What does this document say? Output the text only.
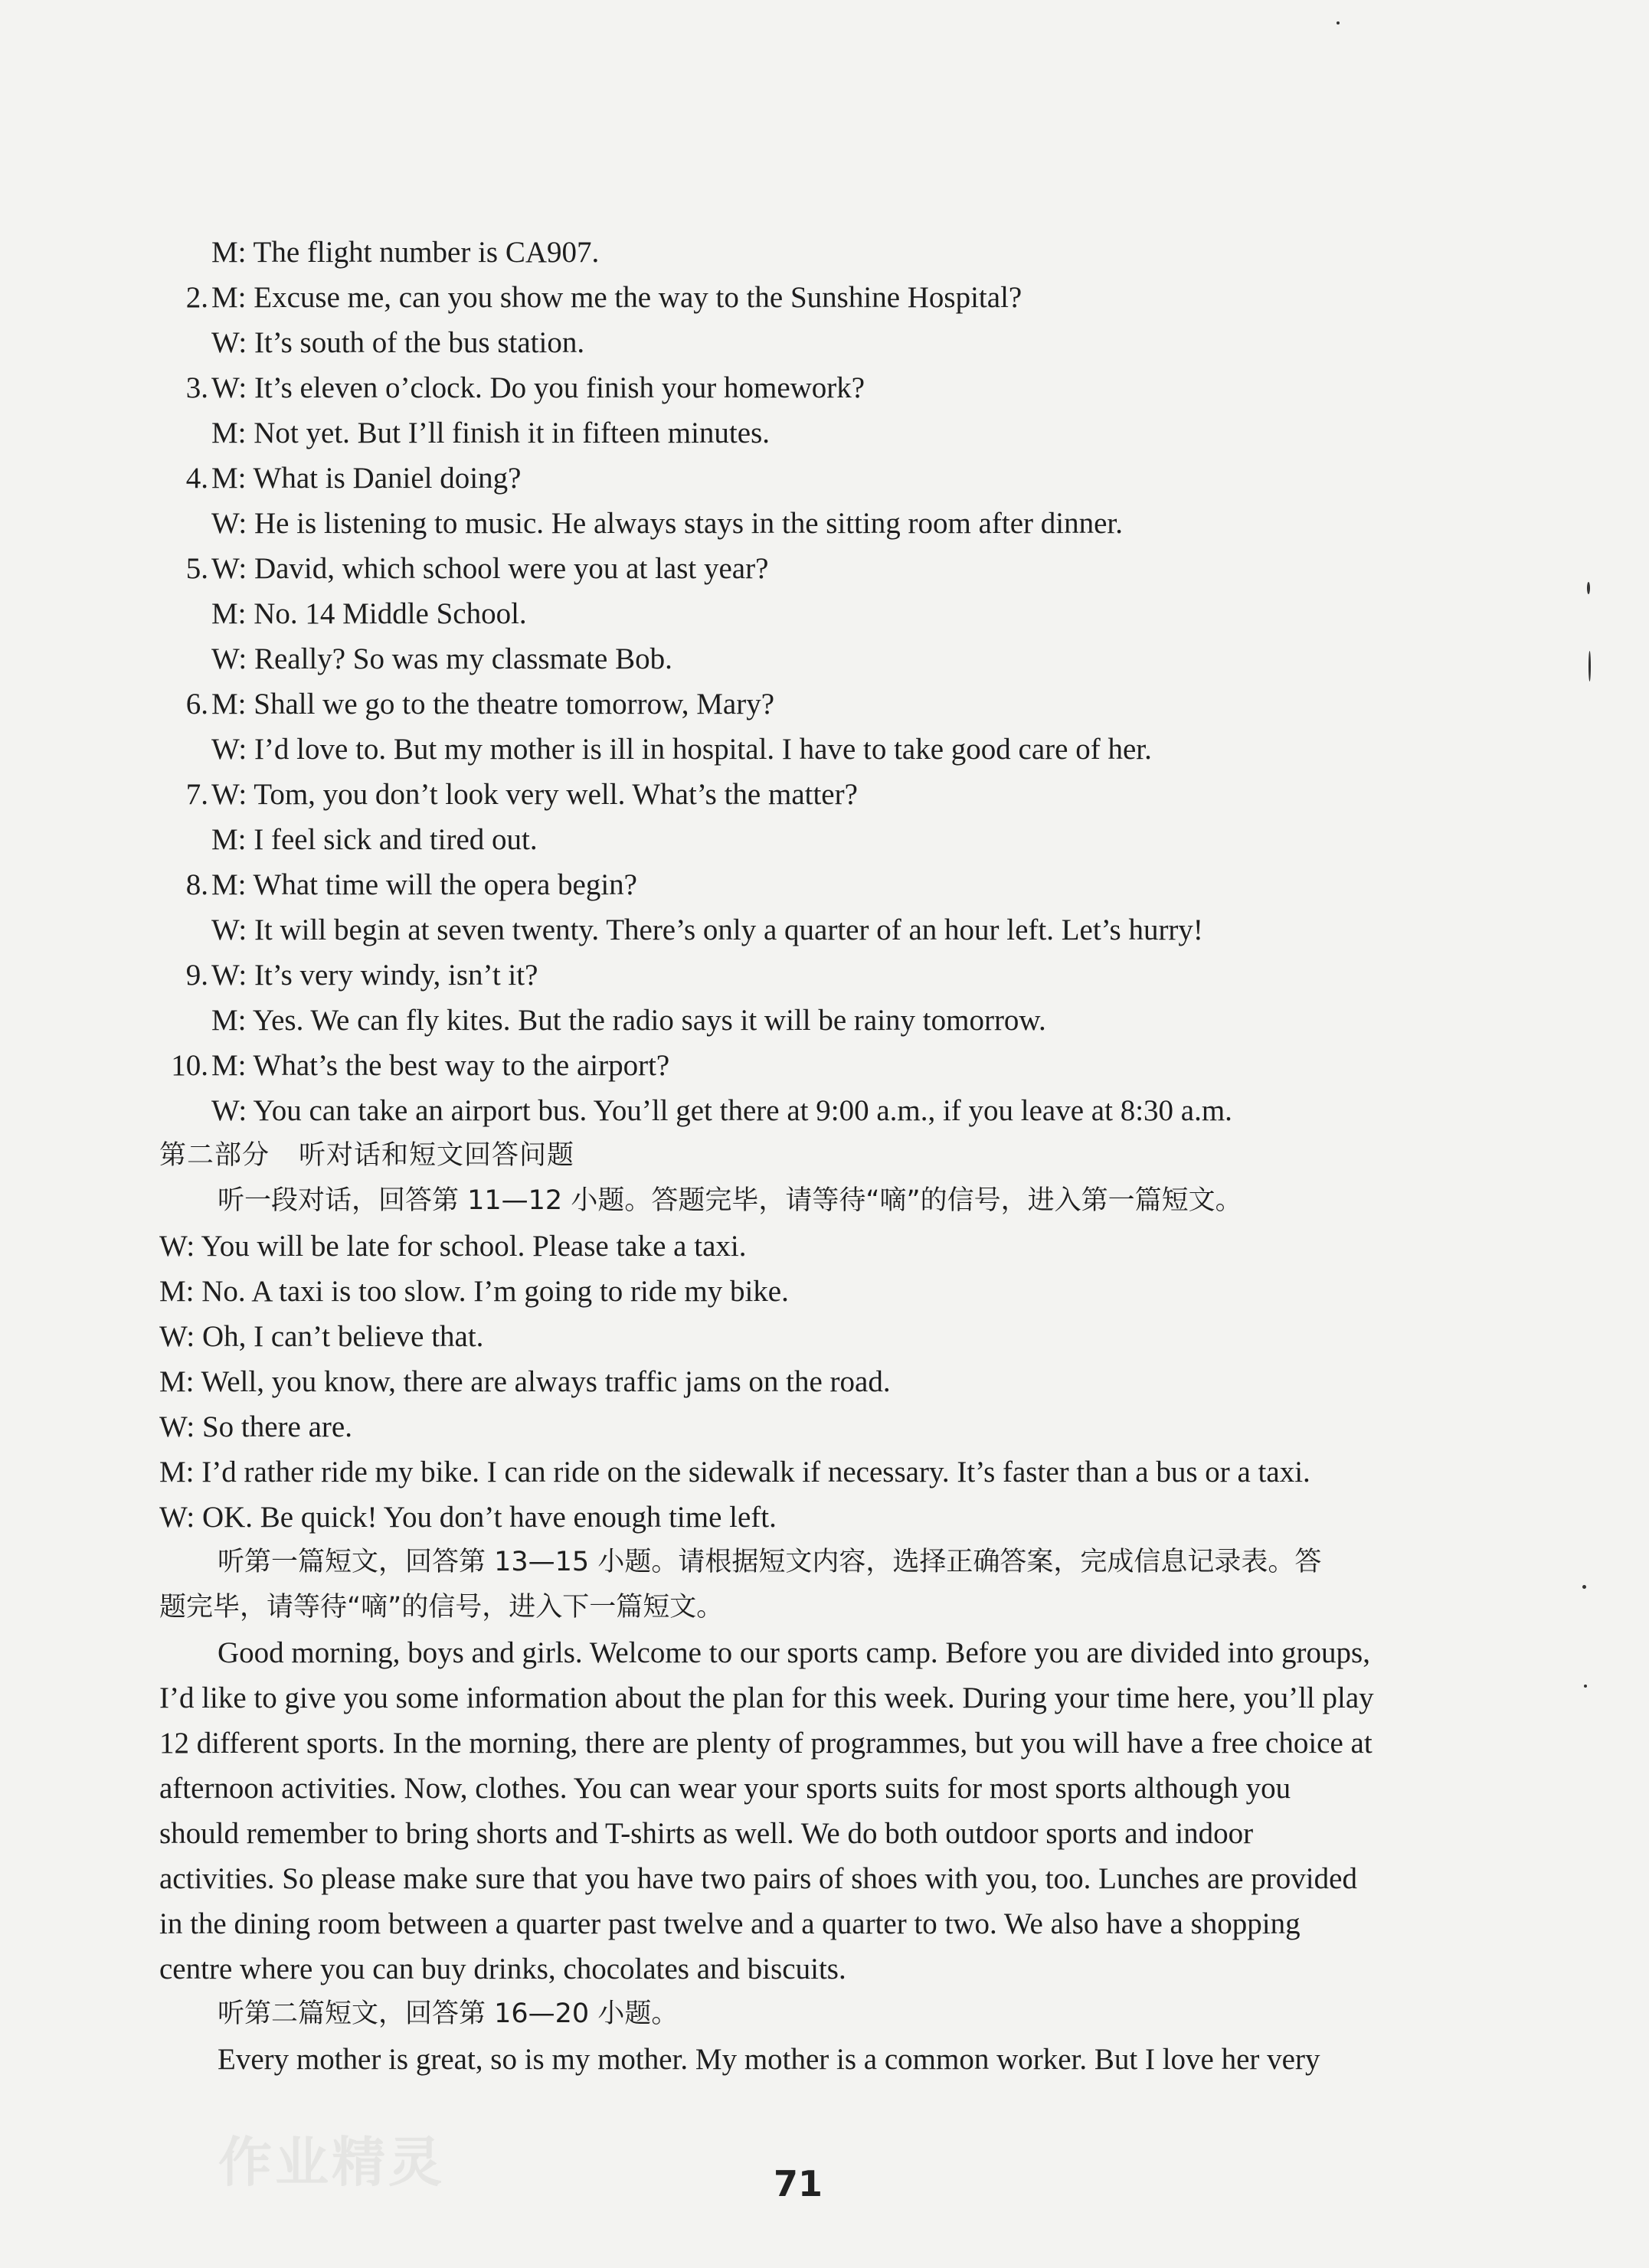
M: The flight number is CA907.
2. M: Excuse me, can you show me the way to the Sunshine Hospital?
W: It’s south of the bus station.
3. W: It’s eleven o’clock. Do you finish your homework?
M: Not yet. But I’ll finish it in fifteen minutes.
4. M: What is Daniel doing?
W: He is listening to music. He always stays in the sitting room after dinner.
5. W: David, which school were you at last year?
M: No. 14 Middle School.
W: Really? So was my classmate Bob.
6. M: Shall we go to the theatre tomorrow, Mary?
W: I’d love to. But my mother is ill in hospital. I have to take good care of her.
7. W: Tom, you don’t look very well. What’s the matter?
M: I feel sick and tired out.
8. M: What time will the opera begin?
W: It will begin at seven twenty. There’s only a quarter of an hour left. Let’s hurry!
9. W: It’s very windy, isn’t it?
M: Yes. We can fly kites. But the radio says it will be rainy tomorrow.
10. M: What’s the best way to the airport?
W: You can take an airport bus. You’ll get there at 9:00 a.m., if you leave at 8:30 a.m.
第二部分 听对话和短文回答问题
听一段对话，回答第 11—12 小题。答题完毕，请等待“嘀”的信号，进入第一篇短文。
W: You will be late for school. Please take a taxi.
M: No. A taxi is too slow. I’m going to ride my bike.
W: Oh, I can’t believe that.
M: Well, you know, there are always traffic jams on the road.
W: So there are.
M: I’d rather ride my bike. I can ride on the sidewalk if necessary. It’s faster than a bus or a taxi.
W: OK. Be quick! You don’t have enough time left.
听第一篇短文，回答第 13—15 小题。请根据短文内容，选择正确答案，完成信息记录表。答
题完毕，请等待“嘀”的信号，进入下一篇短文。
Good morning, boys and girls. Welcome to our sports camp. Before you are divided into groups,
I’d like to give you some information about the plan for this week. During your time here, you’ll play
12 different sports. In the morning, there are plenty of programmes, but you will have a free choice at
afternoon activities. Now, clothes. You can wear your sports suits for most sports although you
should remember to bring shorts and T-shirts as well. We do both outdoor sports and indoor
activities. So please make sure that you have two pairs of shoes with you, too. Lunches are provided
in the dining room between a quarter past twelve and a quarter to two. We also have a shopping
centre where you can buy drinks, chocolates and biscuits.
听第二篇短文，回答第 16—20 小题。
Every mother is great, so is my mother. My mother is a common worker. But I love her very
作业精灵	71
